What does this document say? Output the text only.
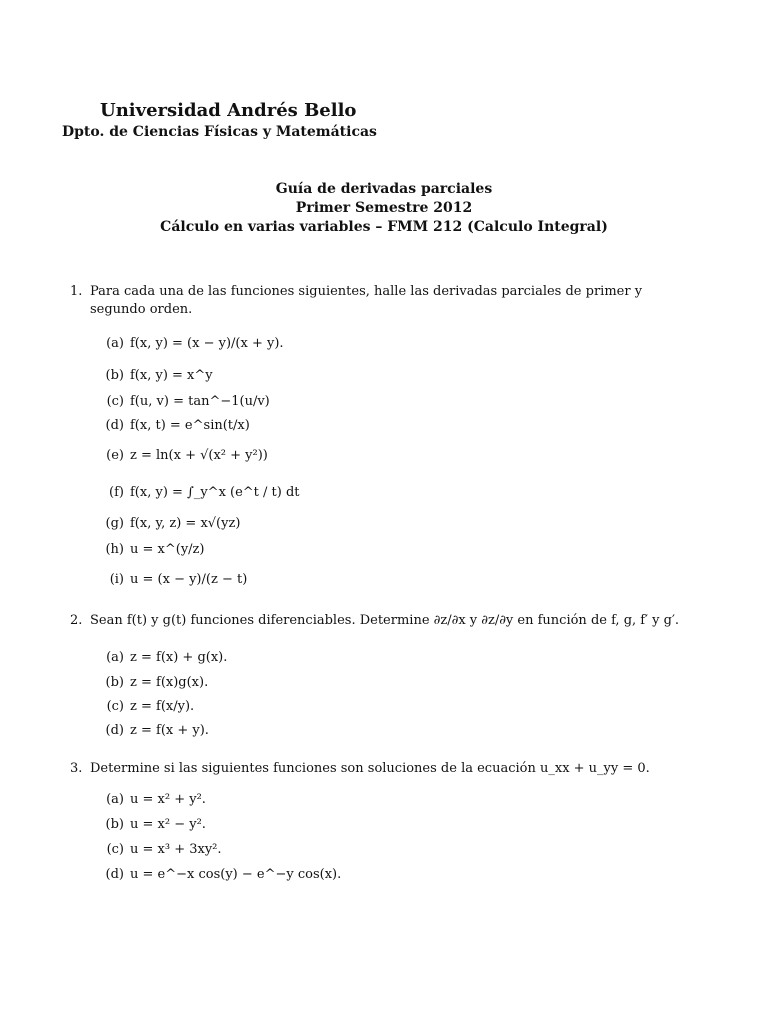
Universidad Andrés Bello
Dpto. de Ciencias Físicas y Matemáticas
Guía de derivadas parciales
Primer Semestre 2012
Cálculo en varias variables – FMM 212 (Calculo Integral)
1. Para cada una de las funciones siguientes, halle las derivadas parciales de primer y segundo orden.
(a) f(x, y) = (x − y)/(x + y).
(b) f(x, y) = x^y
(c) f(u, v) = tan^−1(u/v)
(d) f(x, t) = e^sin(t/x)
(e) z = ln(x + √(x² + y²))
(f) f(x, y) = ∫_y^x (e^t / t) dt
(g) f(x, y, z) = x√(yz)
(h) u = x^(y/z)
(i) u = (x − y)/(z − t)
2. Sean f(t) y g(t) funciones diferenciables. Determine ∂z/∂x y ∂z/∂y en función de f, g, f′ y g′.
(a) z = f(x) + g(x).
(b) z = f(x)g(x).
(c) z = f(x/y).
(d) z = f(x + y).
3. Determine si las siguientes funciones son soluciones de la ecuación u_xx + u_yy = 0.
(a) u = x² + y².
(b) u = x² − y².
(c) u = x³ + 3xy².
(d) u = e^−x cos(y) − e^−y cos(x).
